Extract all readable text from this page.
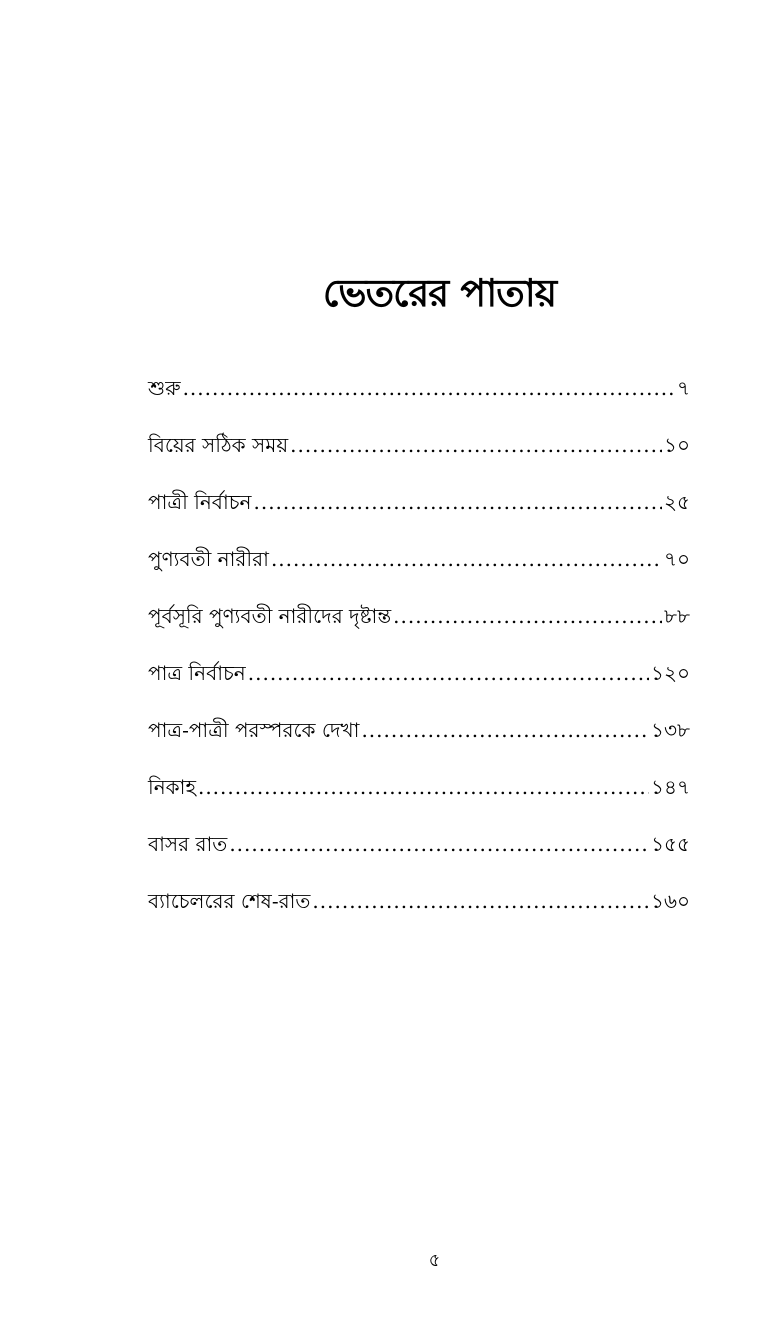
ভেতরের পাতায়
শুরু .....	৭
বিয়ের সঠিক সময় .....	১০
পাত্রী নির্বাচন .....	২৫
পুণ্যবতী নারীরা .....	৭০
পূর্বসূরি পুণ্যবতী নারীদের দৃষ্টান্ত .....	৮৮
পাত্র নির্বাচন .....	১২০
পাত্র-পাত্রী পরস্পরকে দেখা .....	১৩৮
নিকাহ .....	১৪৭
বাসর রাত .....	১৫৫
ব্যাচেলরের শেষ-রাত .....	১৬০
৫
